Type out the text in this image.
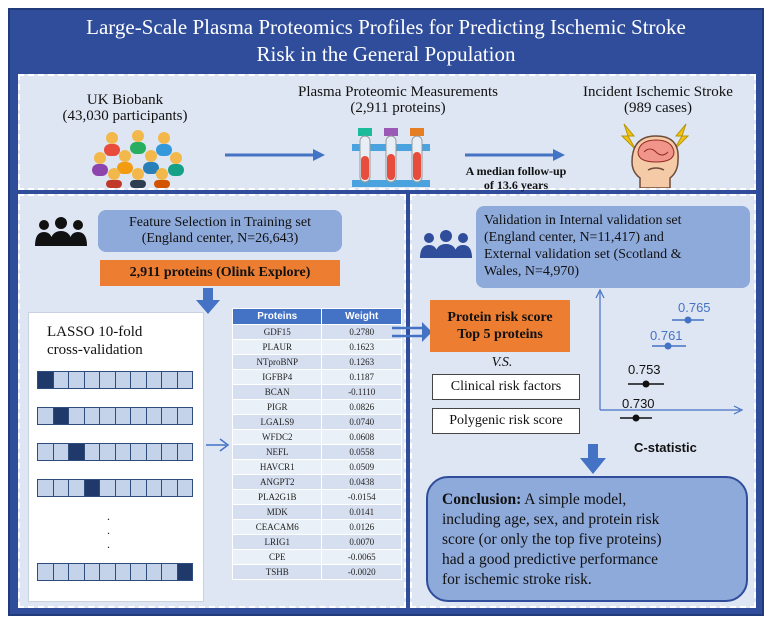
Large-Scale Plasma Proteomics Profiles for Predicting Ischemic Stroke
Risk in the General Population
UK Biobank
(43,030 participants)
Plasma Proteomic Measurements
(2,911 proteins)
A median follow-up
of 13.6 years
Incident Ischemic Stroke
(989 cases)
Feature Selection in Training set
(England center, N=26,643)
2,911 proteins (Olink Explore)
LASSO 10-fold
cross-validation
.
.
.
Proteins	Weight
GDF15	0.2780
PLAUR	0.1623
NTproBNP	0.1263
IGFBP4	0.1187
BCAN	-0.1110
PIGR	0.0826
LGALS9	0.0740
WFDC2	0.0608
NEFL	0.0558
HAVCR1	0.0509
ANGPT2	0.0438
PLA2G1B	-0.0154
MDK	0.0141
CEACAM6	0.0126
LRIG1	0.0070
CPE	-0.0065
TSHB	-0.0020
Validation in Internal validation set
(England center, N=11,417) and
External validation set (Scotland &
Wales, N=4,970)
Protein risk score
Top 5 proteins
V.S.
Clinical risk factors
Polygenic risk score
0.765
0.761
0.753
0.730
C-statistic
Conclusion: A simple model,
including age, sex, and protein risk
score (or only the top five proteins)
had a good predictive performance
for ischemic stroke risk.
